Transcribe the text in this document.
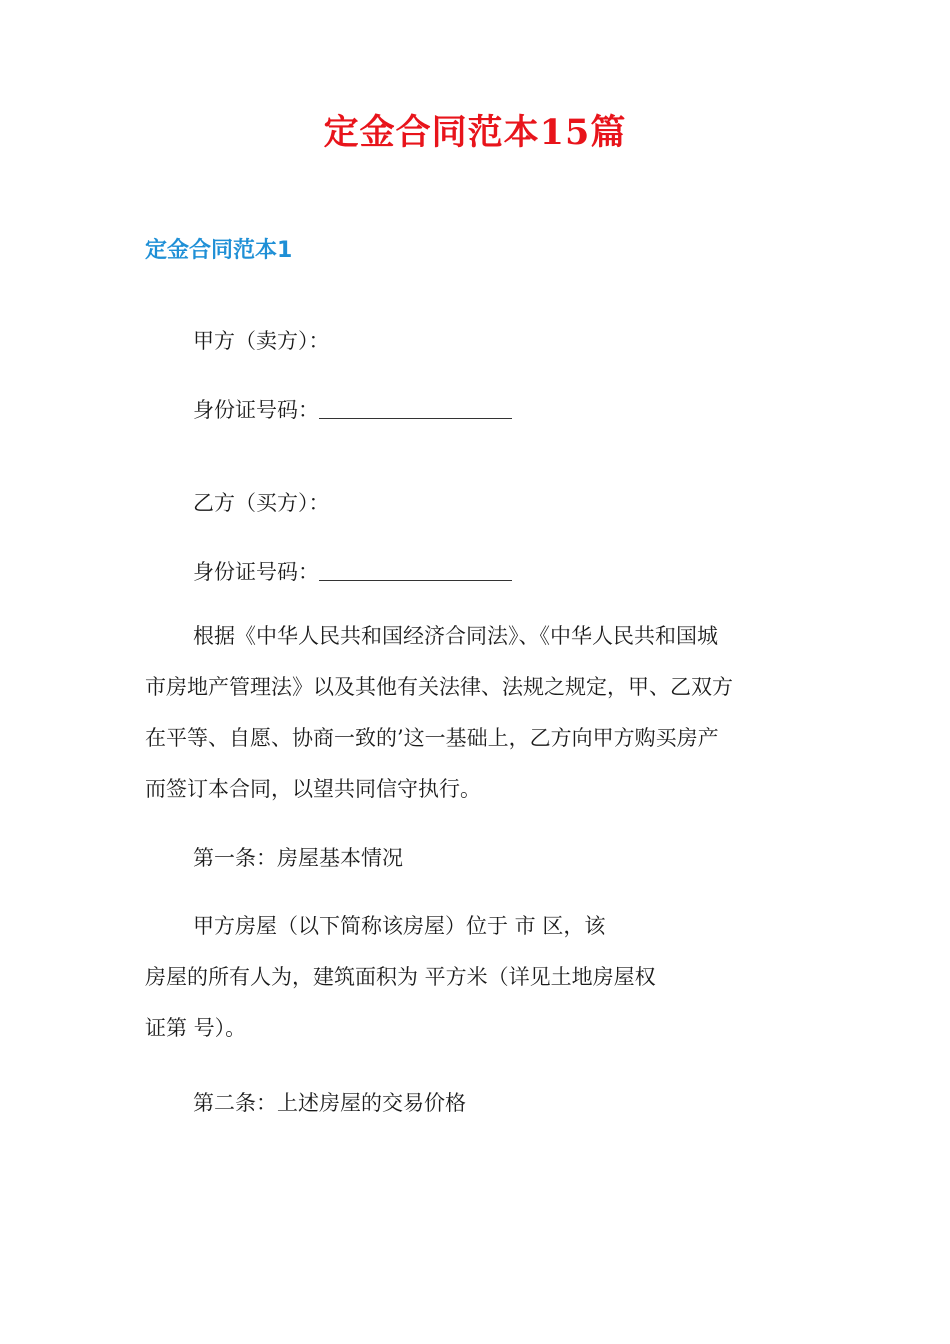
定金合同范本15篇
定金合同范本1
甲方（卖方）：
身份证号码：
乙方（买方）：
身份证号码：
根据《中华人民共和国经济合同法》、《中华人民共和国城
市房地产管理法》以及其他有关法律、法规之规定，甲、乙双方
在平等、自愿、协商一致的’这一基础上，乙方向甲方购买房产
而签订本合同，以望共同信守执行。
第一条：房屋基本情况
甲方房屋（以下简称该房屋）位于 市 区，该
房屋的所有人为，建筑面积为 平方米（详见土地房屋权
证第 号）。
第二条：上述房屋的交易价格
